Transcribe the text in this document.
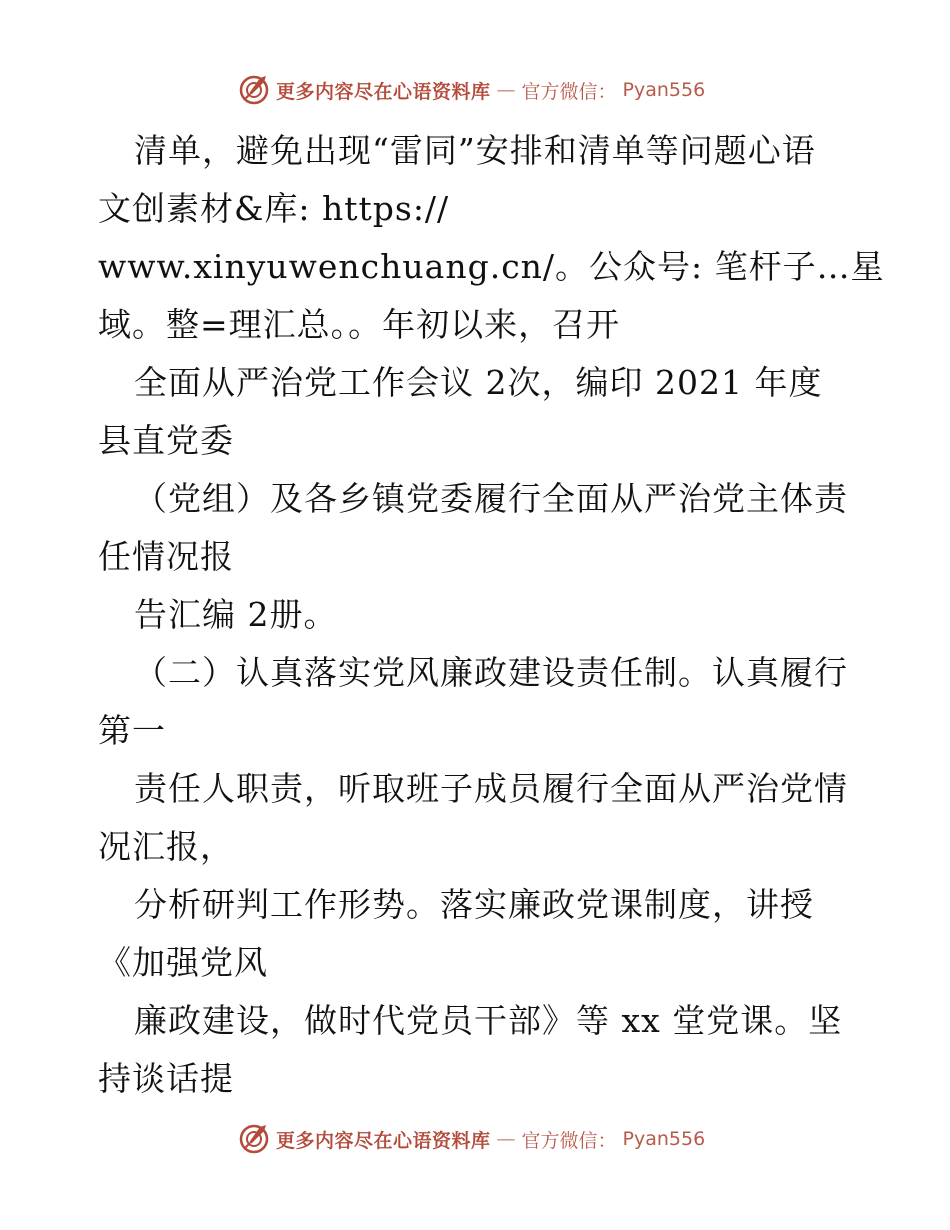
更多内容尽在心语资料库 — 官方微信： Pyan556
清单，避免出现“雷同”安排和清单等问题心语
文创素材&库: https://
www.xinyuwenchuang.cn/。公众号: 笔杆子…星
域。整=理汇总。。年初以来，召开
全面从严治党工作会议 2次，编印 2021 年度
县直党委
（党组）及各乡镇党委履行全面从严治党主体责
任情况报
告汇编 2册。
（二）认真落实党风廉政建设责任制。认真履行
第一
责任人职责，听取班子成员履行全面从严治党情
况汇报，
分析研判工作形势。落实廉政党课制度，讲授
《加强党风
廉政建设，做时代党员干部》等 xx 堂党课。坚
持谈话提
更多内容尽在心语资料库 — 官方微信： Pyan556
